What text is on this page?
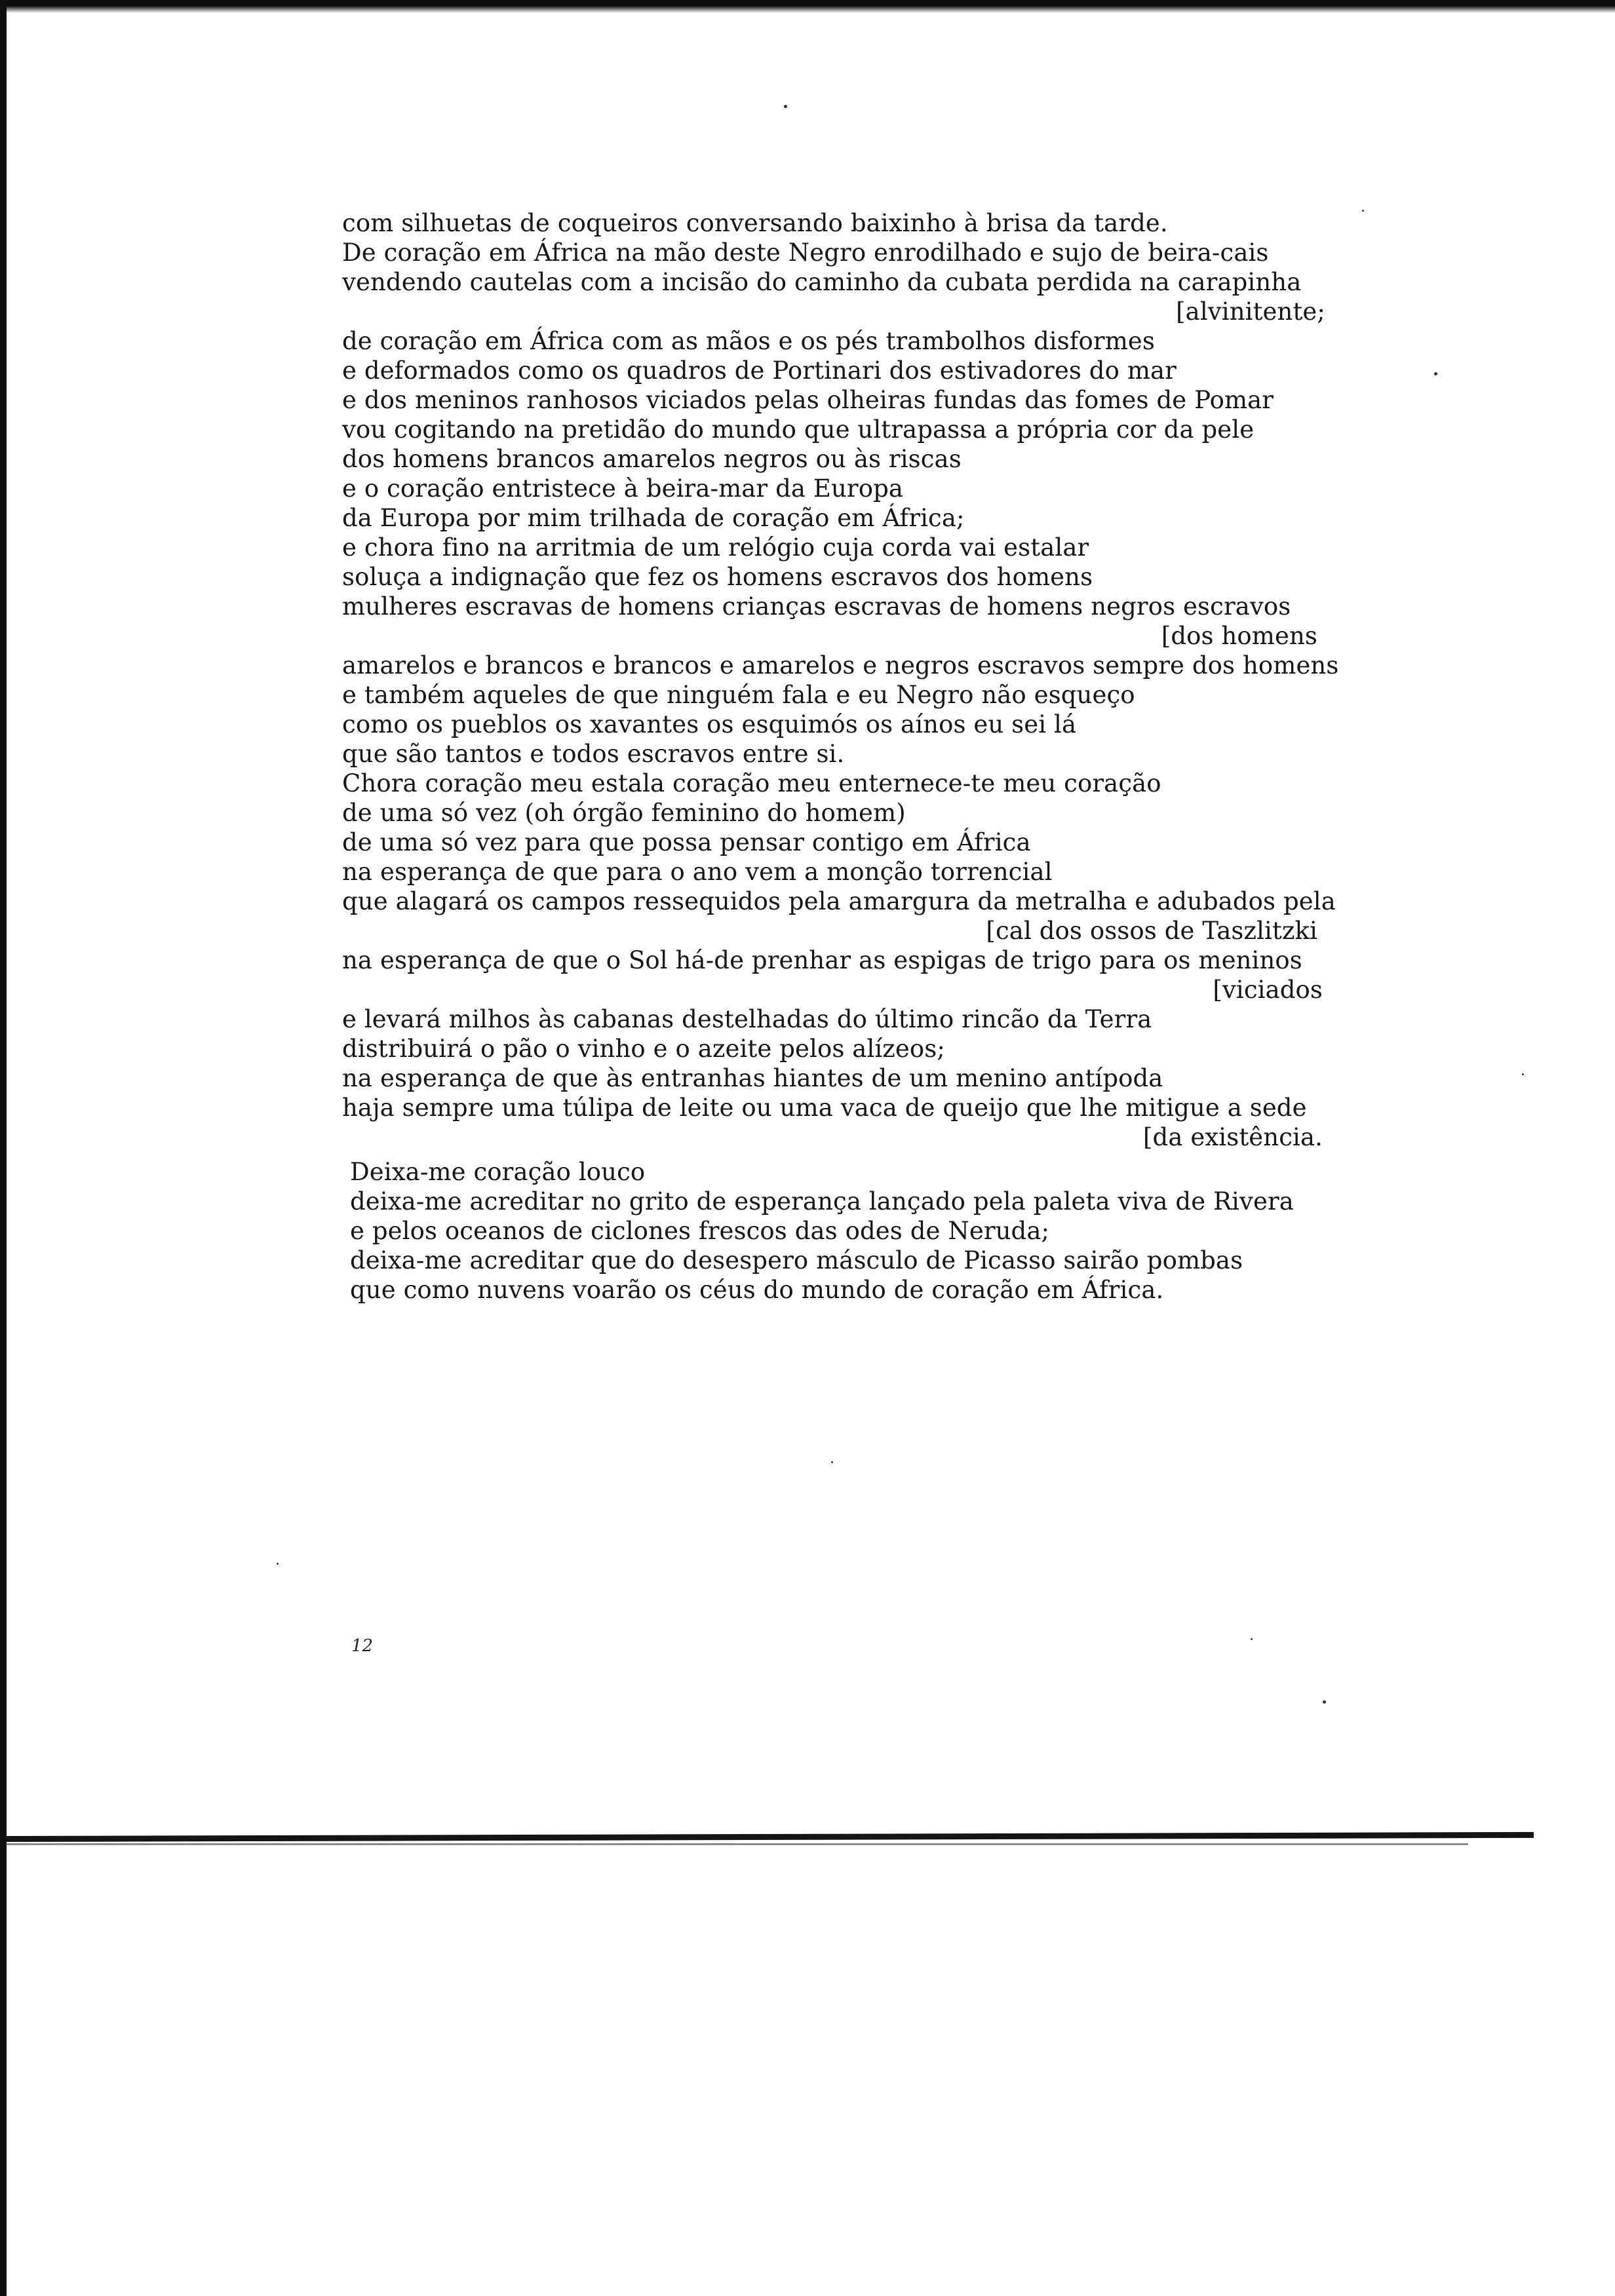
com silhuetas de coqueiros conversando baixinho à brisa da tarde.
De coração em África na mão deste Negro enrodilhado e sujo de beira-cais
vendendo cautelas com a incisão do caminho da cubata perdida na carapinha
[alvinitente;
de coração em África com as mãos e os pés trambolhos disformes
e deformados como os quadros de Portinari dos estivadores do mar
e dos meninos ranhosos viciados pelas olheiras fundas das fomes de Pomar
vou cogitando na pretidão do mundo que ultrapassa a própria cor da pele
dos homens brancos amarelos negros ou às riscas
e o coração entristece à beira-mar da Europa
da Europa por mim trilhada de coração em África;
e chora fino na arritmia de um relógio cuja corda vai estalar
soluça a indignação que fez os homens escravos dos homens
mulheres escravas de homens crianças escravas de homens negros escravos
[dos homens
amarelos e brancos e brancos e amarelos e negros escravos sempre dos homens
e também aqueles de que ninguém fala e eu Negro não esqueço
como os pueblos os xavantes os esquimós os aínos eu sei lá
que são tantos e todos escravos entre si.
Chora coração meu estala coração meu enternece-te meu coração
de uma só vez (oh órgão feminino do homem)
de uma só vez para que possa pensar contigo em África
na esperança de que para o ano vem a monção torrencial
que alagará os campos ressequidos pela amargura da metralha e adubados pela
[cal dos ossos de Taszlitzki
na esperança de que o Sol há-de prenhar as espigas de trigo para os meninos
[viciados
e levará milhos às cabanas destelhadas do último rincão da Terra
distribuirá o pão o vinho e o azeite pelos alízeos;
na esperança de que às entranhas hiantes de um menino antípoda
haja sempre uma túlipa de leite ou uma vaca de queijo que lhe mitigue a sede
[da existência.
Deixa-me coração louco
deixa-me acreditar no grito de esperança lançado pela paleta viva de Rivera
e pelos oceanos de ciclones frescos das odes de Neruda;
deixa-me acreditar que do desespero másculo de Picasso sairão pombas
que como nuvens voarão os céus do mundo de coração em África.
12
